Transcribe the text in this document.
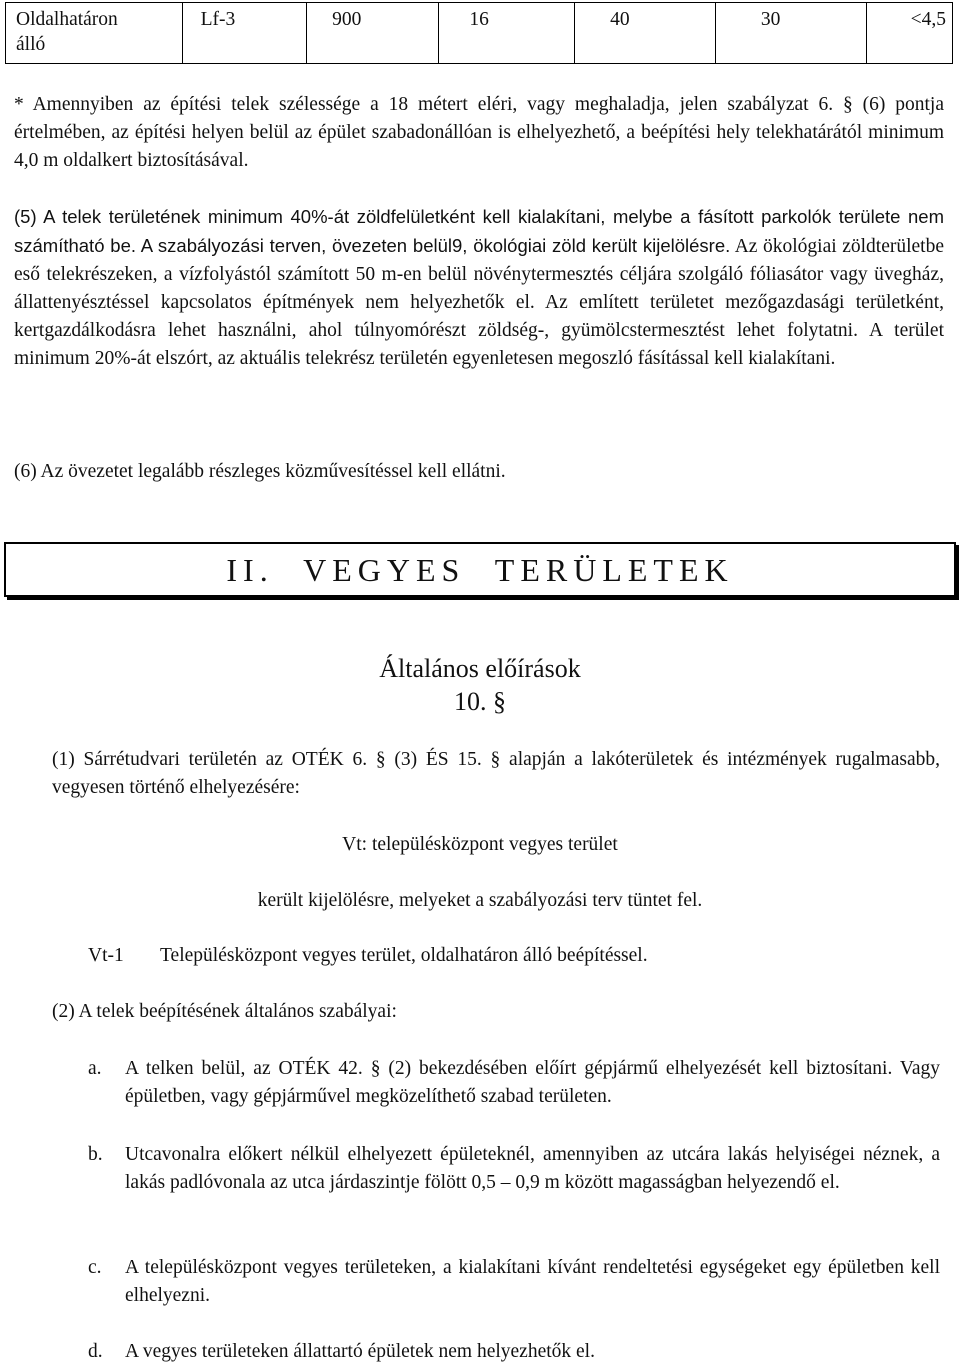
Oldalhatáron
álló	Lf-3	900	16	40	30	<4,5

* Amennyiben az építési telek szélessége a 18 métert eléri, vagy meghaladja, jelen szabályzat 6. § (6) pontja értelmében, az építési helyen belül az épület szabadonállóan is elhelyezhető, a beépítési hely telekhatárától minimum 4,0 m oldalkert biztosításával.

(5) A telek területének minimum 40%-át zöldfelületként kell kialakítani, melybe a fásított parkolók területe nem számítható be. A szabályozási terven, övezeten belül9, ökológiai zöld került kijelölésre. Az ökológiai zöldterületbe eső telekrészeken, a vízfolyástól számított 50 m-en belül növénytermesztés céljára szolgáló fóliasátor vagy üvegház, állattenyésztéssel kapcsolatos építmények nem helyezhetők el. Az említett területet mezőgazdasági területként, kertgazdálkodásra lehet használni, ahol túlnyomórészt zöldség-, gyümölcstermesztést lehet folytatni. A terület minimum 20%-át elszórt, az aktuális telekrész területén egyenletesen megoszló fásítással kell kialakítani.

(6) Az övezetet legalább részleges közművesítéssel kell ellátni.

II. VEGYES TERÜLETEK
Általános előírások
10. §

(1) Sárrétudvari területén az OTÉK 6. § (3) ÉS 15. § alapján a lakóterületek és intézmények rugalmasabb, vegyesen történő elhelyezésére:

Vt: településközpont vegyes terület
került kijelölésre, melyeket a szabályozási terv tüntet fel.
Vt-1 Településközpont vegyes terület, oldalhatáron álló beépítéssel.

(2) A telek beépítésének általános szabályai:

a. A telken belül, az OTÉK 42. § (2) bekezdésében előírt gépjármű elhelyezését kell biztosítani. Vagy épületben, vagy gépjárművel megközelíthető szabad területen.
b. Utcavonalra előkert nélkül elhelyezett épületeknél, amennyiben az utcára lakás helyiségei néznek, a lakás padlóvonala az utca járdaszintje fölött 0,5 – 0,9 m között magasságban helyezendő el.
c. A településközpont vegyes területeken, a kialakítani kívánt rendeltetési egységeket egy épületben kell elhelyezni.
d. A vegyes területeken állattartó épületek nem helyezhetők el.
